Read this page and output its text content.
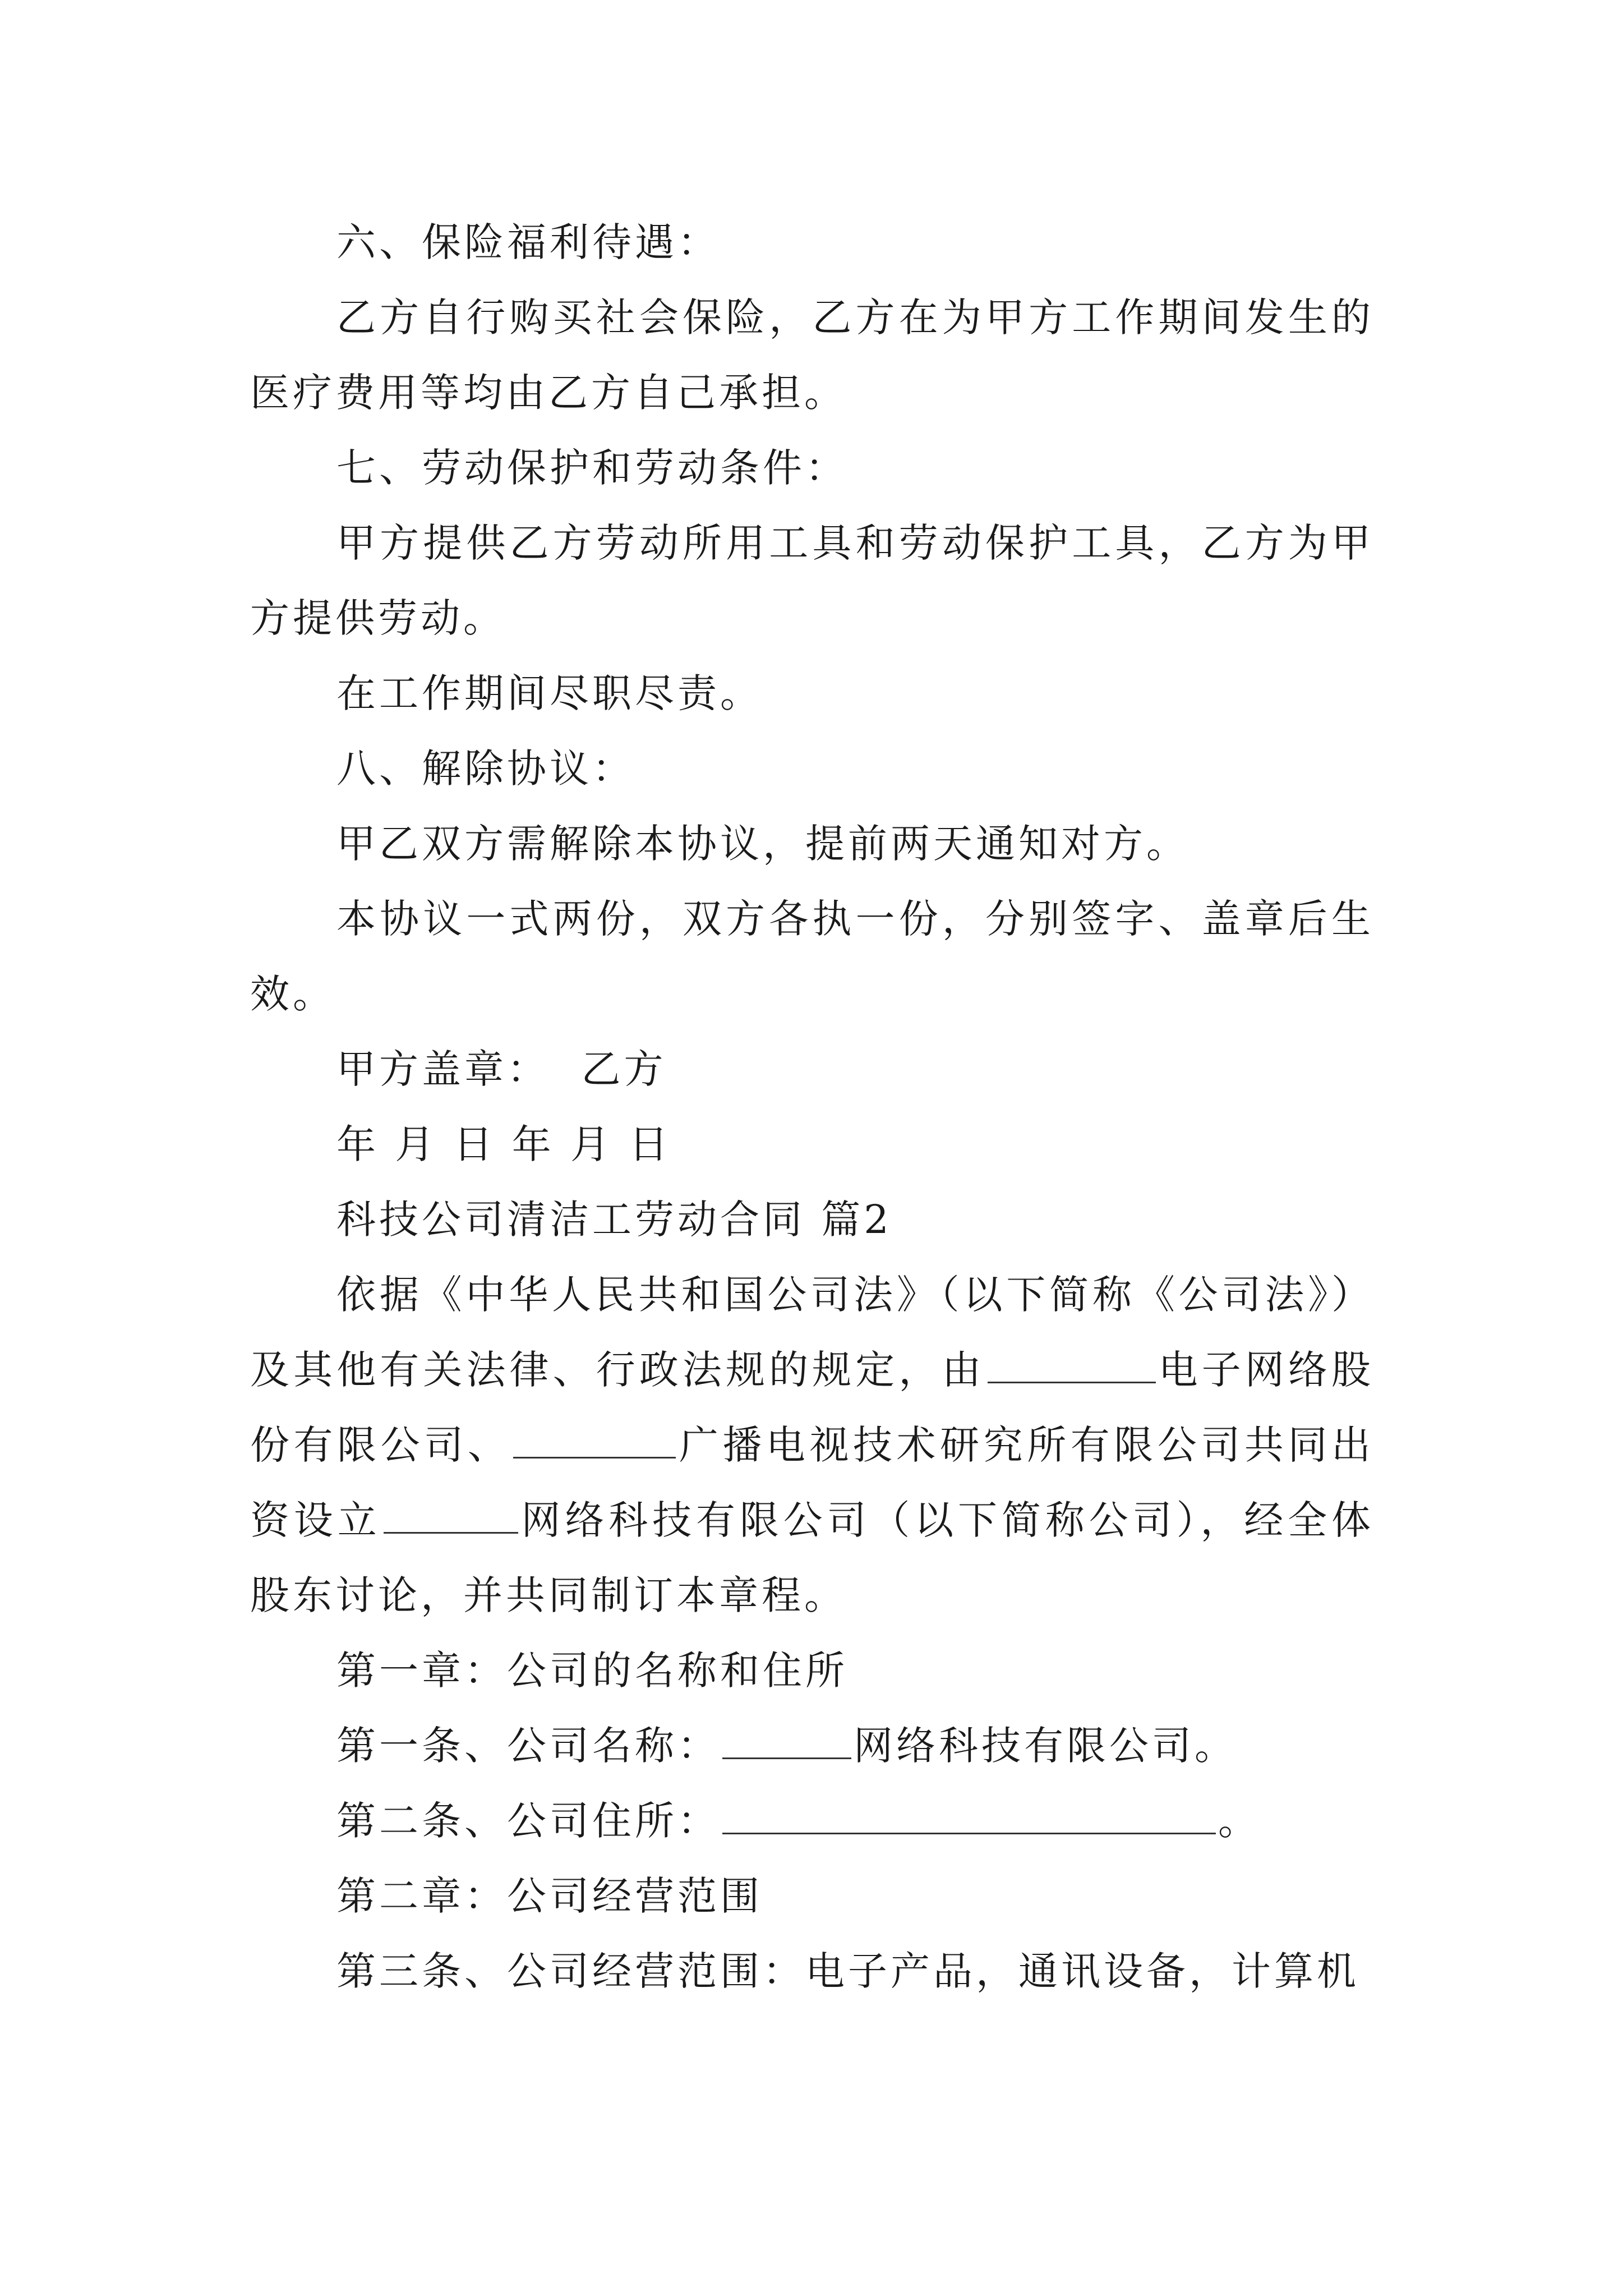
六、保险福利待遇：

乙方自行购买社会保险，乙方在为甲方工作期间发生的医疗费用等均由乙方自己承担。

七、劳动保护和劳动条件：

甲方提供乙方劳动所用工具和劳动保护工具，乙方为甲方提供劳动。

在工作期间尽职尽责。

八、解除协议：

甲乙双方需解除本协议，提前两天通知对方。

本协议一式两份，双方各执一份，分别签字、盖章后生效。

甲方盖章：  乙方

年 月 日 年 月 日

科技公司清洁工劳动合同 篇2

依据《中华人民共和国公司法》（以下简称《公司法》）及其他有关法律、行政法规的规定，由	电子网络股份有限公司、	广播电视技术研究所有限公司共同出资设立	网络科技有限公司（以下简称公司），经全体股东讨论，并共同制订本章程。

第一章：公司的名称和住所

第一条、公司名称：	网络科技有限公司。

第二条、公司住所：	。

第二章：公司经营范围

第三条、公司经营范围：电子产品，通讯设备，计算机
